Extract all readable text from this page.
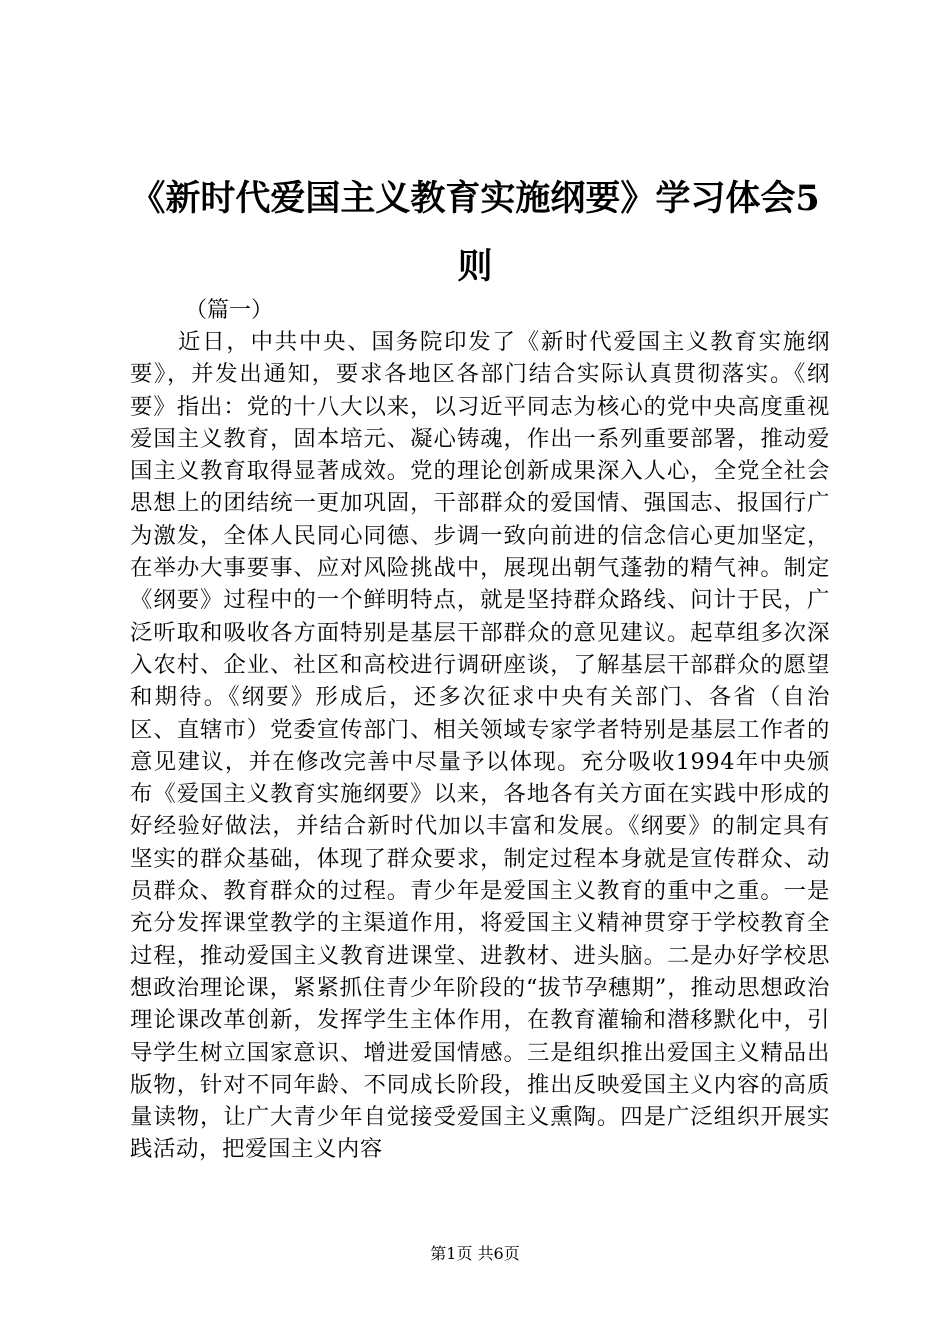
《新时代爱国主义教育实施纲要》学习体会5则

（篇一）

近日，中共中央、国务院印发了《新时代爱国主义教育实施纲要》，并发出通知，要求各地区各部门结合实际认真贯彻落实。《纲要》指出：党的十八大以来，以习近平同志为核心的党中央高度重视爱国主义教育，固本培元、凝心铸魂，作出一系列重要部署，推动爱国主义教育取得显著成效。党的理论创新成果深入人心，全党全社会思想上的团结统一更加巩固，干部群众的爱国情、强国志、报国行广为激发，全体人民同心同德、步调一致向前进的信念信心更加坚定，在举办大事要事、应对风险挑战中，展现出朝气蓬勃的精气神。制定《纲要》过程中的一个鲜明特点，就是坚持群众路线、问计于民，广泛听取和吸收各方面特别是基层干部群众的意见建议。起草组多次深入农村、企业、社区和高校进行调研座谈，了解基层干部群众的愿望和期待。《纲要》形成后，还多次征求中央有关部门、各省（自治区、直辖市）党委宣传部门、相关领域专家学者特别是基层工作者的意见建议，并在修改完善中尽量予以体现。充分吸收1994年中央颁布《爱国主义教育实施纲要》以来，各地各有关方面在实践中形成的好经验好做法，并结合新时代加以丰富和发展。《纲要》的制定具有坚实的群众基础，体现了群众要求，制定过程本身就是宣传群众、动员群众、教育群众的过程。青少年是爱国主义教育的重中之重。一是充分发挥课堂教学的主渠道作用，将爱国主义精神贯穿于学校教育全过程，推动爱国主义教育进课堂、进教材、进头脑。二是办好学校思想政治理论课，紧紧抓住青少年阶段的“拔节孕穗期”，推动思想政治理论课改革创新，发挥学生主体作用，在教育灌输和潜移默化中，引导学生树立国家意识、增进爱国情感。三是组织推出爱国主义精品出版物，针对不同年龄、不同成长阶段，推出反映爱国主义内容的高质量读物，让广大青少年自觉接受爱国主义熏陶。四是广泛组织开展实践活动，把爱国主义内容

第1页 共6页
